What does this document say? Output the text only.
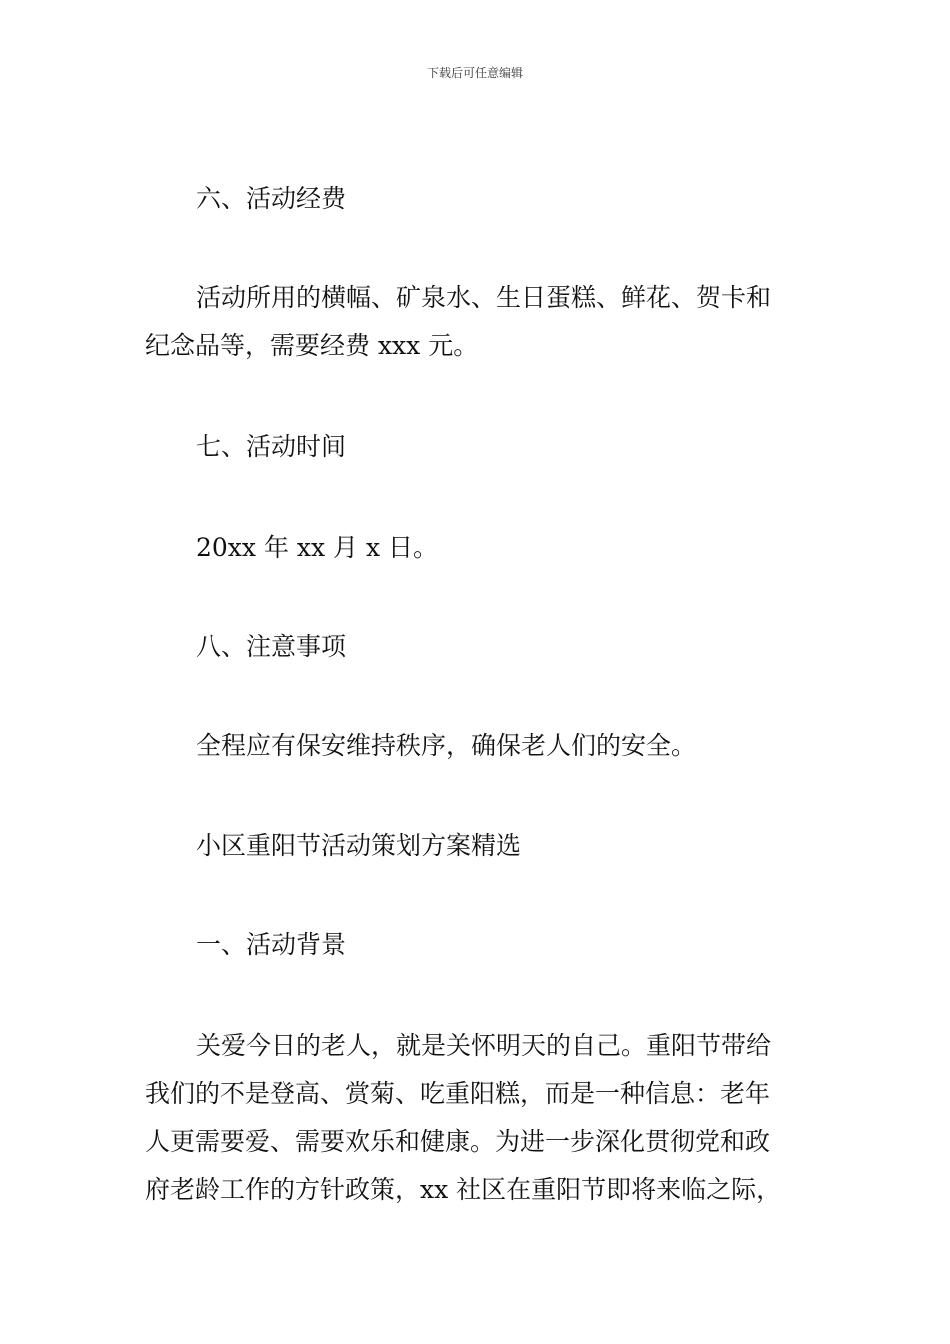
下载后可任意编辑
六、活动经费
活动所用的横幅、矿泉水、生日蛋糕、鲜花、贺卡和
纪念品等，需要经费 xxx 元。
七、活动时间
20xx 年 xx 月 x 日。
八、注意事项
全程应有保安维持秩序，确保老人们的安全。
小区重阳节活动策划方案精选
一、活动背景
关爱今日的老人，就是关怀明天的自己。重阳节带给
我们的不是登高、赏菊、吃重阳糕，而是一种信息：老年
人更需要爱、需要欢乐和健康。为进一步深化贯彻党和政
府老龄工作的方针政策，xx 社区在重阳节即将来临之际，
